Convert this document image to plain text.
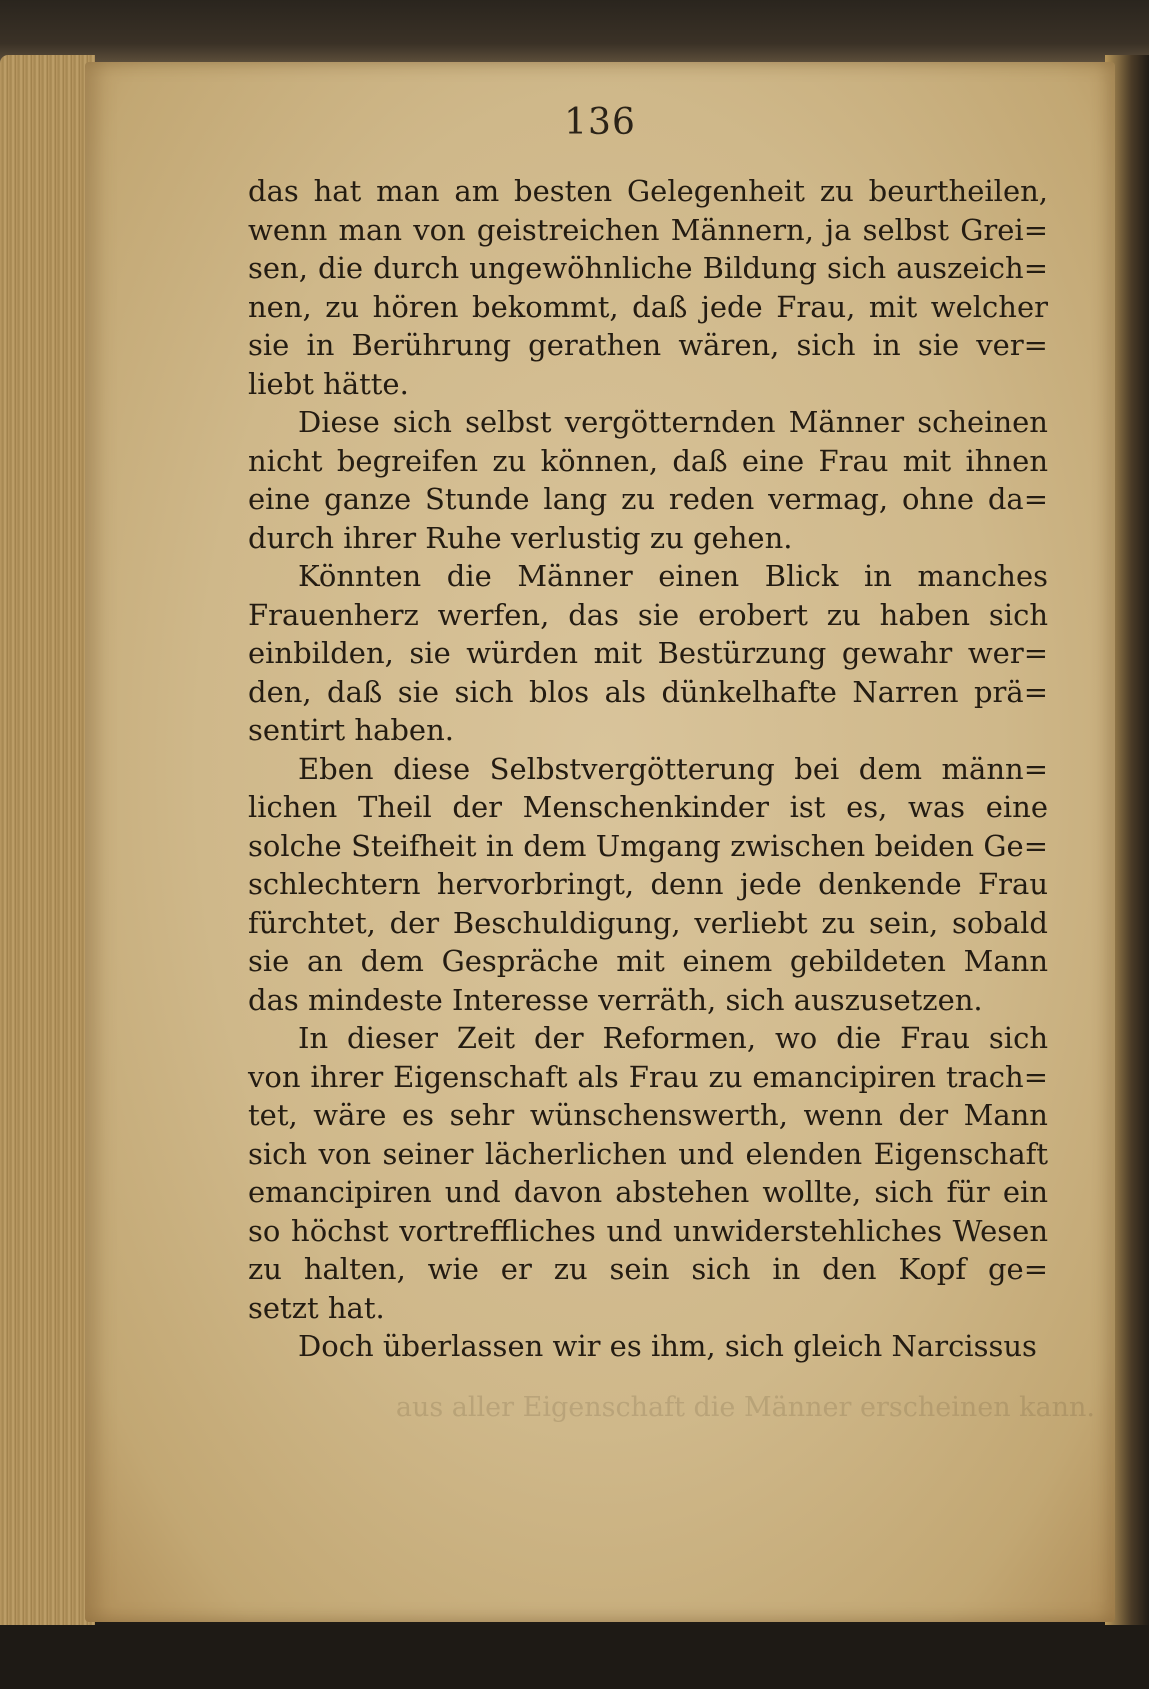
136
das hat man am besten Gelegenheit zu beurtheilen,
wenn man von geistreichen Männern, ja selbst Grei=
sen, die durch ungewöhnliche Bildung sich auszeich=
nen, zu hören bekommt, daß jede Frau, mit welcher
sie in Berührung gerathen wären, sich in sie ver=
liebt hätte.
Diese sich selbst vergötternden Männer scheinen
nicht begreifen zu können, daß eine Frau mit ihnen
eine ganze Stunde lang zu reden vermag, ohne da=
durch ihrer Ruhe verlustig zu gehen.
Könnten die Männer einen Blick in manches
Frauenherz werfen, das sie erobert zu haben sich
einbilden, sie würden mit Bestürzung gewahr wer=
den, daß sie sich blos als dünkelhafte Narren prä=
sentirt haben.
Eben diese Selbstvergötterung bei dem männ=
lichen Theil der Menschenkinder ist es, was eine
solche Steifheit in dem Umgang zwischen beiden Ge=
schlechtern hervorbringt, denn jede denkende Frau
fürchtet, der Beschuldigung, verliebt zu sein, sobald
sie an dem Gespräche mit einem gebildeten Mann
das mindeste Interesse verräth, sich auszusetzen.
In dieser Zeit der Reformen, wo die Frau sich
von ihrer Eigenschaft als Frau zu emancipiren trach=
tet, wäre es sehr wünschenswerth, wenn der Mann
sich von seiner lächerlichen und elenden Eigenschaft
emancipiren und davon abstehen wollte, sich für ein
so höchst vortreffliches und unwiderstehliches Wesen
zu halten, wie er zu sein sich in den Kopf ge=
setzt hat.
Doch überlassen wir es ihm, sich gleich Narcissus
aus aller Eigenschaft die Männer erscheinen kann.
